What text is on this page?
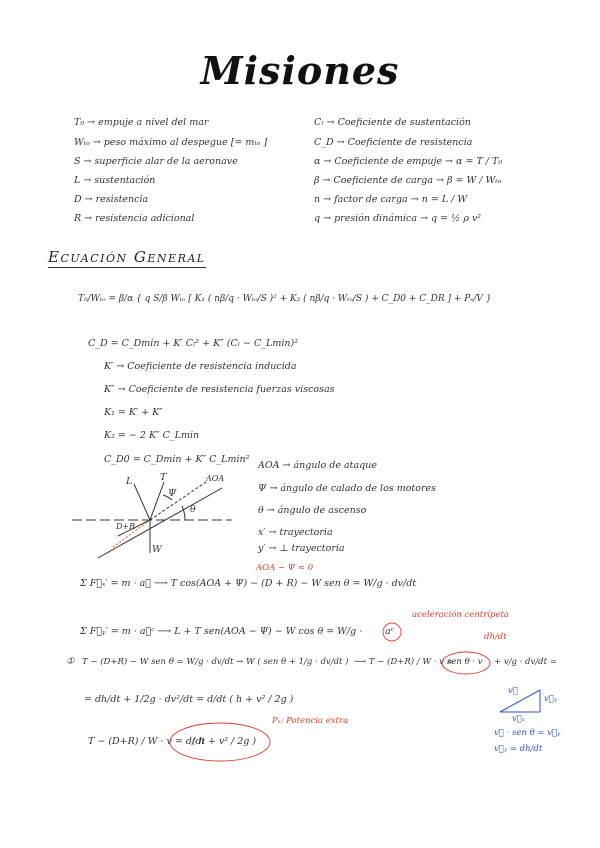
Misiones
T₀ → empuje a nivel del mar
Wₜₒ → peso máximo al despegue [= mₜₒ ]
S → superficie alar de la aeronave
L → sustentación
D → resistencia
R → resistencia adicional
Cₗ → Coeficiente de sustentación
C_D → Coeficiente de resistencia
α → Coeficiente de empuje → α = T / T₀
β → Coeficiente de carga → β = W / Wₜₒ
n → factor de carga → n = L / W
q → presión dinámica → q = ½ ρ v²
Ecuación General
T₀/Wₜₒ = β/α { q S/β Wₜₒ [ K₁ ( nβ/q · Wₜₒ/S )² + K₂ ( nβ/q · Wₜₒ/S ) + C_D0 + C_DR ] + Pₛ/V }
C_D = C_Dmin + K′ Cₗ² + K″ (Cₗ − C_Lmin)²
K′ → Coeficiente de resistencia inducida
K″ → Coeficiente de resistencia fuerzas viscosas
K₁ = K′ + K″
K₂ = − 2 K″ C_Lmin
C_D0 = C_Dmin + K″ C_Lmin²
L	T
Ψ
AOA
θ
D+R
W
AOA → ángulo de ataque
Ψ → ángulo de calado de los motores
θ → ángulo de ascenso
x′ → trayectoria
y′ → ⊥ trayectoria
AOA − Ψ ≈ 0
Σ F⃗ₓ′ = m · a⃗ ⟶ T cos(AOA + Ψ) − (D + R) − W sen θ = W/g · dv/dt
aceleración centrípeta
Σ F⃗ᵧ′ = m · a⃗ᶜ ⟶ L + T sen(AOA − Ψ) − W cos θ = W/g · aᶜ	dh/dt
① T − (D+R) − W sen θ = W/g · dv/dt → W ( sen θ + 1/g · dv/dt ) ⟶ T − (D+R) / W · v =
sen θ · v + v/g · dv/dt =
= dh/dt + 1/2g · dv²/dt = d/dt ( h + v² / 2g )
Pₛ: Potencia extra
T − (D+R) / W · v = d/dt
( h + v² / 2g )
v⃗ᵧ
v⃗
v⃗ₓ
v⃗ · sen θ = v⃗ᵧ
v⃗ᵧ = dh/dt
